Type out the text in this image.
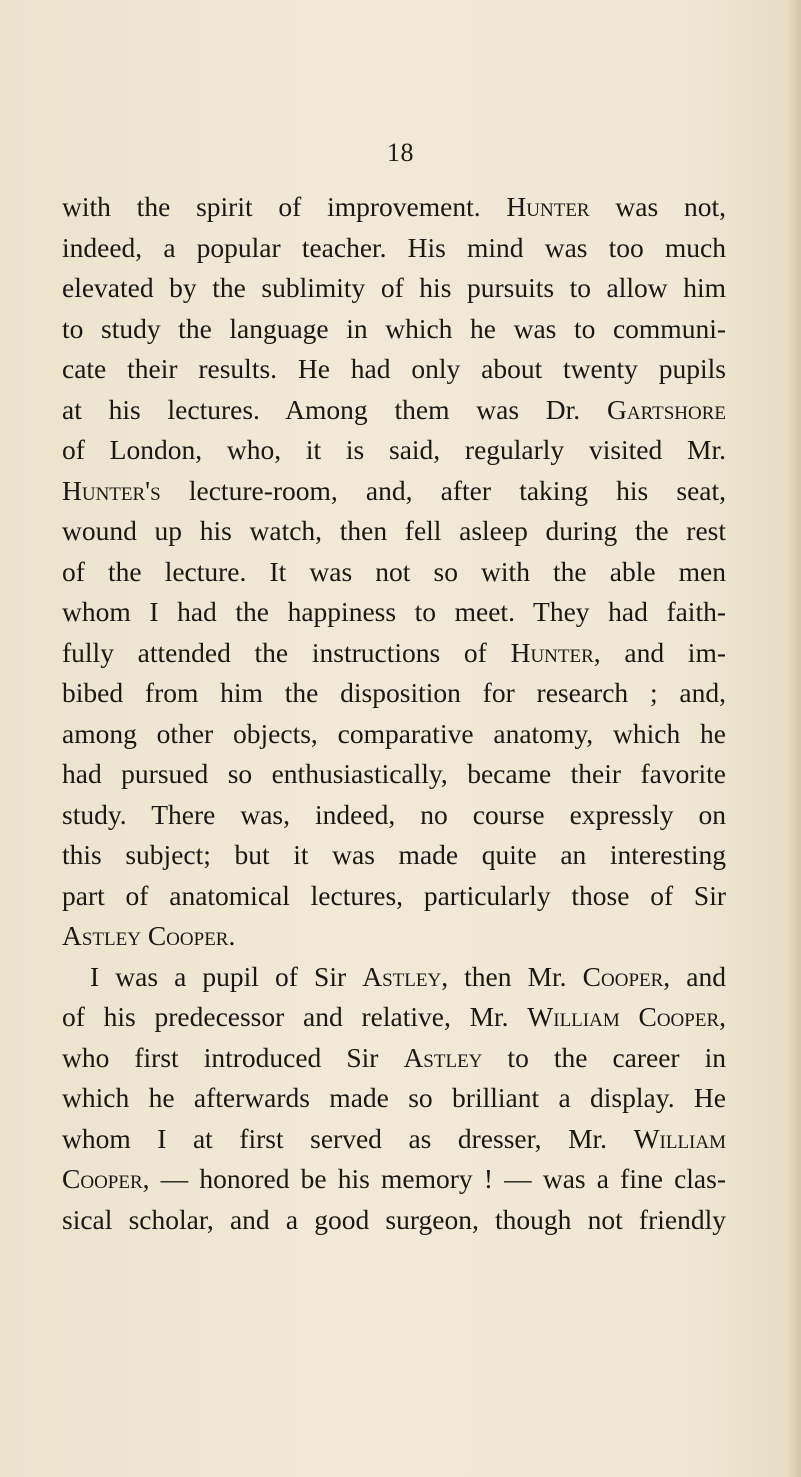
18
with the spirit of improvement. Hunter was not,
indeed, a popular teacher. His mind was too much
elevated by the sublimity of his pursuits to allow him
to study the language in which he was to communi-
cate their results. He had only about twenty pupils
at his lectures. Among them was Dr. Gartshore
of London, who, it is said, regularly visited Mr.
Hunter's lecture-room, and, after taking his seat,
wound up his watch, then fell asleep during the rest
of the lecture. It was not so with the able men
whom I had the happiness to meet. They had faith-
fully attended the instructions of Hunter, and im-
bibed from him the disposition for research ; and,
among other objects, comparative anatomy, which he
had pursued so enthusiastically, became their favorite
study. There was, indeed, no course expressly on
this subject; but it was made quite an interesting
part of anatomical lectures, particularly those of Sir
Astley Cooper.
I was a pupil of Sir Astley, then Mr. Cooper, and
of his predecessor and relative, Mr. William Cooper,
who first introduced Sir Astley to the career in
which he afterwards made so brilliant a display. He
whom I at first served as dresser, Mr. William
Cooper, — honored be his memory ! — was a fine clas-
sical scholar, and a good surgeon, though not friendly
